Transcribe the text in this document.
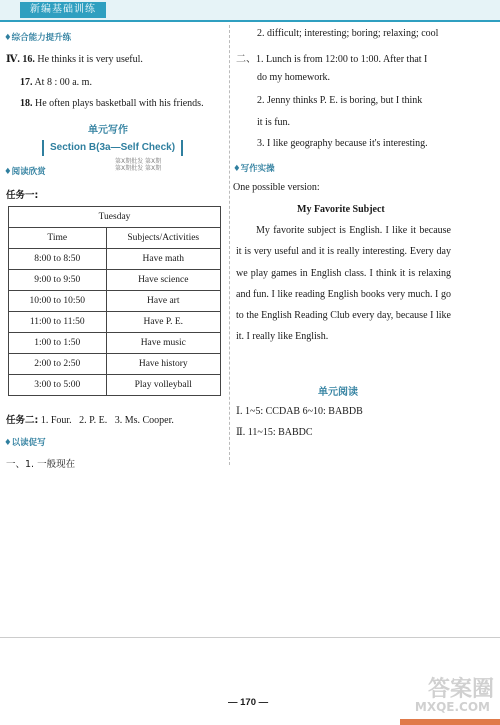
新编基础训练
♦综合能力提升练
Ⅳ. 16. He thinks it is very useful.
17. At 8 : 00 a. m.
18. He often plays basketball with his friends.
单元写作
Section B(3a—Self Check)
第X期批发 第X期
第X期批发 第X期
♦阅读欣赏
任务一:
Tuesday	
Time	Subjects/Activities
8:00 to 8:50	Have math
9:00 to 9:50	Have science
10:00 to 10:50	Have art
11:00 to 11:50	Have P. E.
1:00 to 1:50	Have music
2:00 to 2:50	Have history
3:00 to 5:00	Play volleyball
任务二: 1. Four. 2. P. E. 3. Ms. Cooper.
♦以读促写
一、1. 一般现在
2. difficult; interesting; boring; relaxing; cool
二、1. Lunch is from 12:00 to 1:00. After that I
do my homework.
2. Jenny thinks P. E. is boring, but I think
it is fun.
3. I like geography because it's interesting.
♦写作实操
One possible version:
My Favorite Subject
My favorite subject is English. I like it because it is very useful and it is really interesting. Every day we play games in English class. I think it is relaxing and fun. I like reading English books very much. I go to the English Reading Club every day, because I like it. I really like English.
单元阅读
Ⅰ. 1~5: CCDAB 6~10: BABDB
Ⅱ. 11~15: BABDC
— 170 —
答案圈
MXQE.COM
